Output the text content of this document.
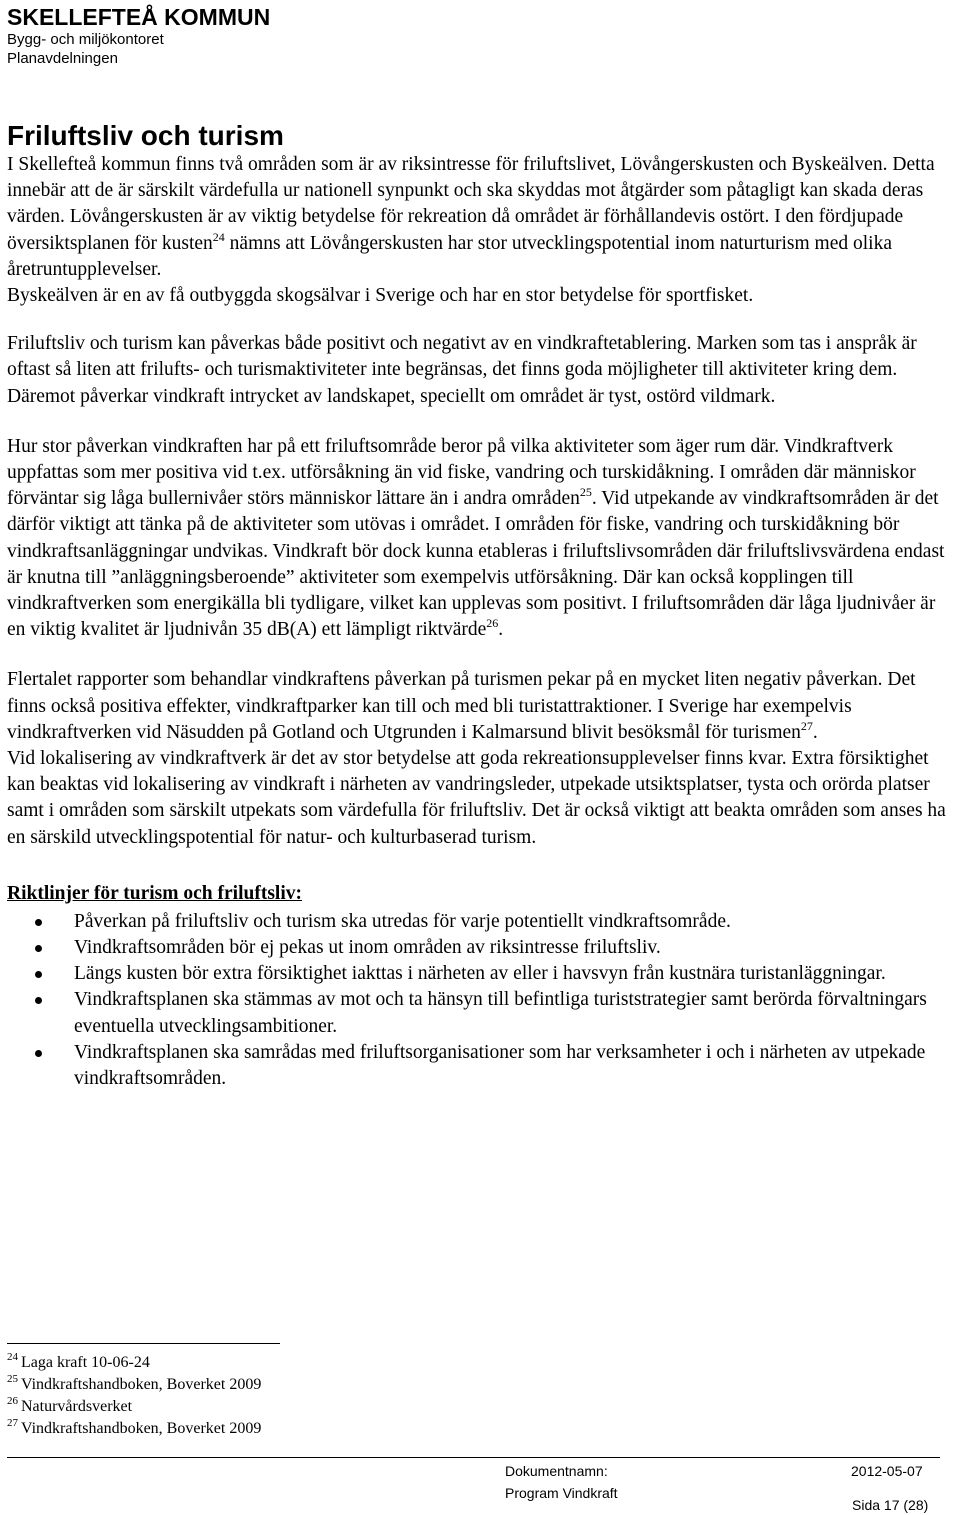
SKELLEFTEÅ KOMMUN
Bygg- och miljökontoret
Planavdelningen
Friluftsliv och turism

I Skellefteå kommun finns två områden som är av riksintresse för friluftslivet, Lövångerskusten och Byskeälven. Detta innebär att de är särskilt värdefulla ur nationell synpunkt och ska skyddas mot åtgärder som påtagligt kan skada deras värden. Lövångerskusten är av viktig betydelse för rekreation då området är förhållandevis ostört. I den fördjupade översiktsplanen för kusten$^{24}$ nämns att Lövångerskusten har stor utvecklingspotential inom naturturism med olika åretruntupplevelser.

Byskeälven är en av få outbyggda skogsälvar i Sverige och har en stor betydelse för sportfisket.

Friluftsliv och turism kan påverkas både positivt och negativt av en vindkraftetablering. Marken som tas i anspråk är oftast så liten att frilufts- och turismaktiviteter inte begränsas, det finns goda möjligheter till aktiviteter kring dem. Däremot påverkar vindkraft intrycket av landskapet, speciellt om området är tyst, ostörd vildmark.

Hur stor påverkan vindkraften har på ett friluftsområde beror på vilka aktiviteter som äger rum där. Vindkraftverk uppfattas som mer positiva vid t.ex. utförsåkning än vid fiske, vandring och turskidåkning. I områden där människor förväntar sig låga bullernivåer störs människor lättare än i andra områden$^{25}$. Vid utpekande av vindkraftsområden är det därför viktigt att tänka på de aktiviteter som utövas i området. I områden för fiske, vandring och turskidåkning bör vindkraftsanläggningar undvikas. Vindkraft bör dock kunna etableras i friluftslivsområden där friluftslivsvärdena endast är knutna till ”anläggningsberoende” aktiviteter som exempelvis utförsåkning. Där kan också kopplingen till vindkraftverken som energikälla bli tydligare, vilket kan upplevas som positivt. I friluftsområden där låga ljudnivåer är en viktig kvalitet är ljudnivån 35 dB(A) ett lämpligt riktvärde$^{26}$.

Flertalet rapporter som behandlar vindkraftens påverkan på turismen pekar på en mycket liten negativ påverkan. Det finns också positiva effekter, vindkraftparker kan till och med bli turistattraktioner. I Sverige har exempelvis vindkraftverken vid Näsudden på Gotland och Utgrunden i Kalmarsund blivit besöksmål för turismen$^{27}$.

Vid lokalisering av vindkraftverk är det av stor betydelse att goda rekreationsupplevelser finns kvar. Extra försiktighet kan beaktas vid lokalisering av vindkraft i närheten av vandringsleder, utpekade utsiktsplatser, tysta och orörda platser samt i områden som särskilt utpekats som värdefulla för friluftsliv. Det är också viktigt att beakta områden som anses ha en särskild utvecklingspotential för natur- och kulturbaserad turism.

Riktlinjer för turism och friluftsliv:
Påverkan på friluftsliv och turism ska utredas för varje potentiellt vindkraftsområde.
Vindkraftsområden bör ej pekas ut inom områden av riksintresse friluftsliv.
Längs kusten bör extra försiktighet iakttas i närheten av eller i havsvyn från kustnära turistanläggningar.
Vindkraftsplanen ska stämmas av mot och ta hänsyn till befintliga turiststrategier samt berörda förvaltningars eventuella utvecklingsambitioner.
Vindkraftsplanen ska samrådas med friluftsorganisationer som har verksamheter i och i närheten av utpekade vindkraftsområden.
$^{24}$ Laga kraft 10-06-24
$^{25}$ Vindkraftshandboken, Boverket 2009
$^{26}$ Naturvårdsverket
$^{27}$ Vindkraftshandboken, Boverket 2009
Dokumentnamn:
Program Vindkraft
2012-05-07
Sida 17 (28)
